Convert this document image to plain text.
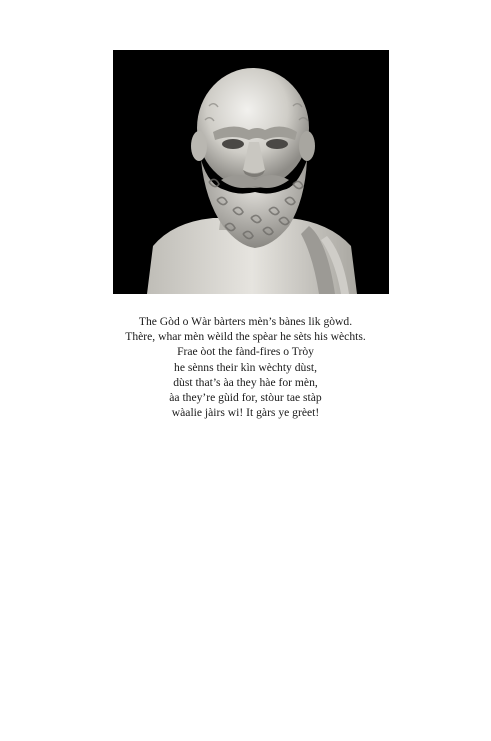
The Gòd o Wàr bàrters mèn’s bànes lik gòwd.
Thère, whar mèn wèild the spèar he sèts his wèchts.
Frae òot the fànd-fires o Tròy
he sènns their kìn wèchty dùst,
dùst that’s àa they hàe for mèn,
àa they’re gùid for, stòur tae stàp
wàalie jàirs wi! It gàrs ye grèet!
